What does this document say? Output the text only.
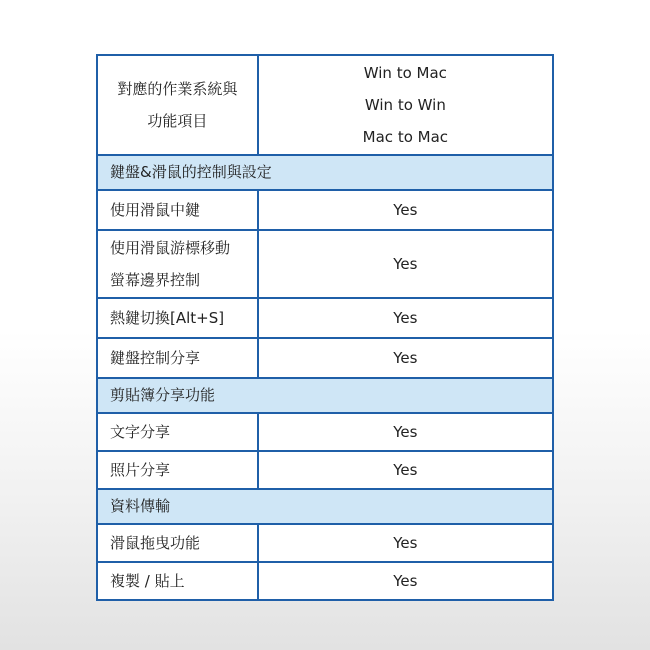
對應的作業系統與
功能項目	Win to Mac
Win to Win
Mac to Mac

鍵盤&滑鼠的控制與設定	
使用滑鼠中鍵	Yes

使用滑鼠游標移動
螢幕邊界控制	Yes
熱鍵切換[Alt+S]	Yes
鍵盤控制分享	Yes
剪貼簿分享功能	
文字分享	Yes
照片分享	Yes
資料傳輸	
滑鼠拖曳功能	Yes
複製 / 貼上	Yes
